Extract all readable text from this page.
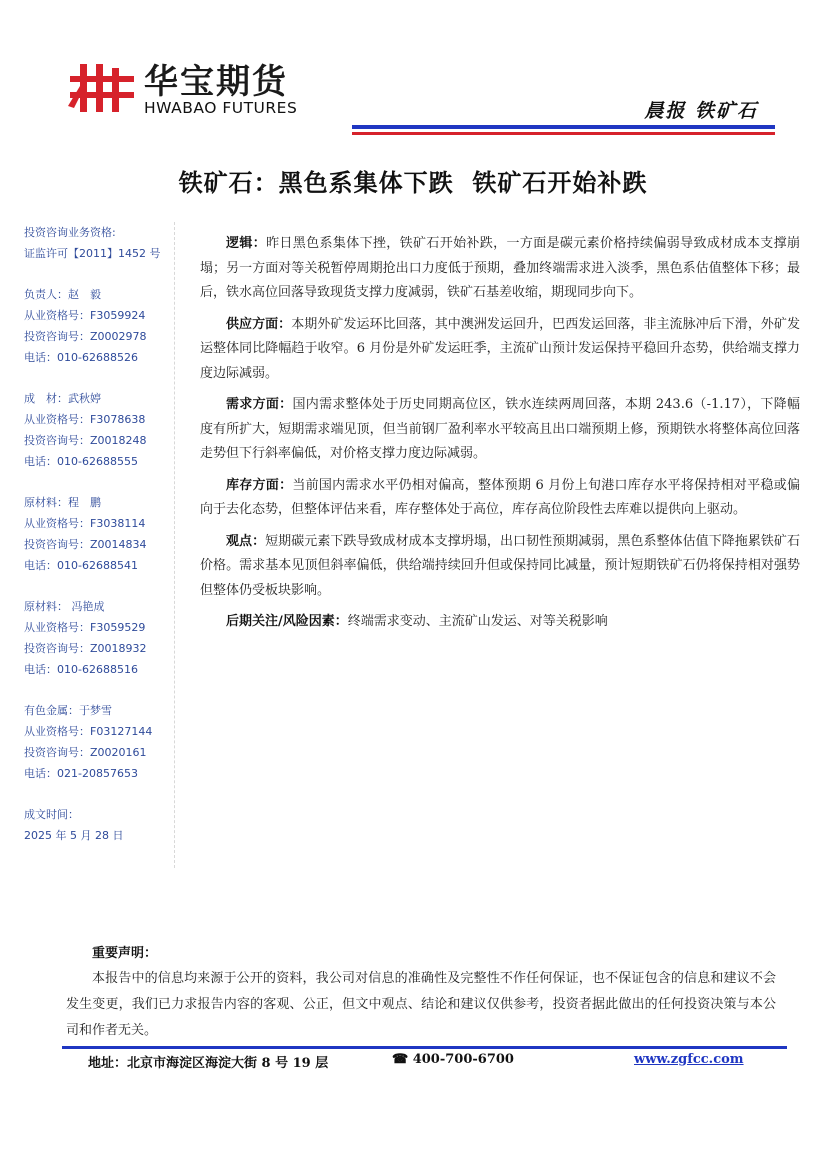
华宝期货
HWABAO FUTURES	晨报 铁矿石
铁矿石：黑色系集体下跌  铁矿石开始补跌
投资咨询业务资格:
证监许可【2011】1452 号
负责人：赵　毅
从业资格号：F3059924
投资咨询号：Z0002978
电话：010-62688526
成　材：武秋婷
从业资格号：F3078638
投资咨询号：Z0018248
电话：010-62688555
原材料：程　鹏
从业资格号：F3038114
投资咨询号：Z0014834
电话：010-62688541
原材料： 冯艳成
从业资格号：F3059529
投资咨询号：Z0018932
电话：010-62688516
有色金属：于梦雪
从业资格号：F03127144
投资咨询号：Z0020161
电话：021-20857653
成文时间：
2025 年 5 月 28 日

逻辑：昨日黑色系集体下挫，铁矿石开始补跌，一方面是碳元素价格持续偏弱导致成材成本支撑崩塌；另一方面对等关税暂停周期抢出口力度低于预期，叠加终端需求进入淡季，黑色系估值整体下移；最后，铁水高位回落导致现货支撑力度减弱，铁矿石基差收缩，期现同步向下。

供应方面：本期外矿发运环比回落，其中澳洲发运回升，巴西发运回落，非主流脉冲后下滑，外矿发运整体同比降幅趋于收窄。6 月份是外矿发运旺季，主流矿山预计发运保持平稳回升态势，供给端支撑力度边际减弱。

需求方面：国内需求整体处于历史同期高位区，铁水连续两周回落，本期 243.6（-1.17），下降幅度有所扩大，短期需求端见顶，但当前钢厂盈利率水平较高且出口端预期上修，预期铁水将整体高位回落走势但下行斜率偏低，对价格支撑力度边际减弱。

库存方面：当前国内需求水平仍相对偏高，整体预期 6 月份上旬港口库存水平将保持相对平稳或偏向于去化态势，但整体评估来看，库存整体处于高位，库存高位阶段性去库难以提供向上驱动。

观点：短期碳元素下跌导致成材成本支撑坍塌，出口韧性预期减弱，黑色系整体估值下降拖累铁矿石价格。需求基本见顶但斜率偏低，供给端持续回升但或保持同比减量，预计短期铁矿石仍将保持相对强势但整体仍受板块影响。

后期关注/风险因素：终端需求变动、主流矿山发运、对等关税影响

重要声明：
本报告中的信息均来源于公开的资料，我公司对信息的准确性及完整性不作任何保证，也不保证包含的信息和建议不会发生变更，我们已力求报告内容的客观、公正，但文中观点、结论和建议仅供参考，投资者据此做出的任何投资决策与本公司和作者无关。
地址：北京市海淀区海淀大街 8 号 19 层	☎ 400-700-6700	www.zgfcc.com
